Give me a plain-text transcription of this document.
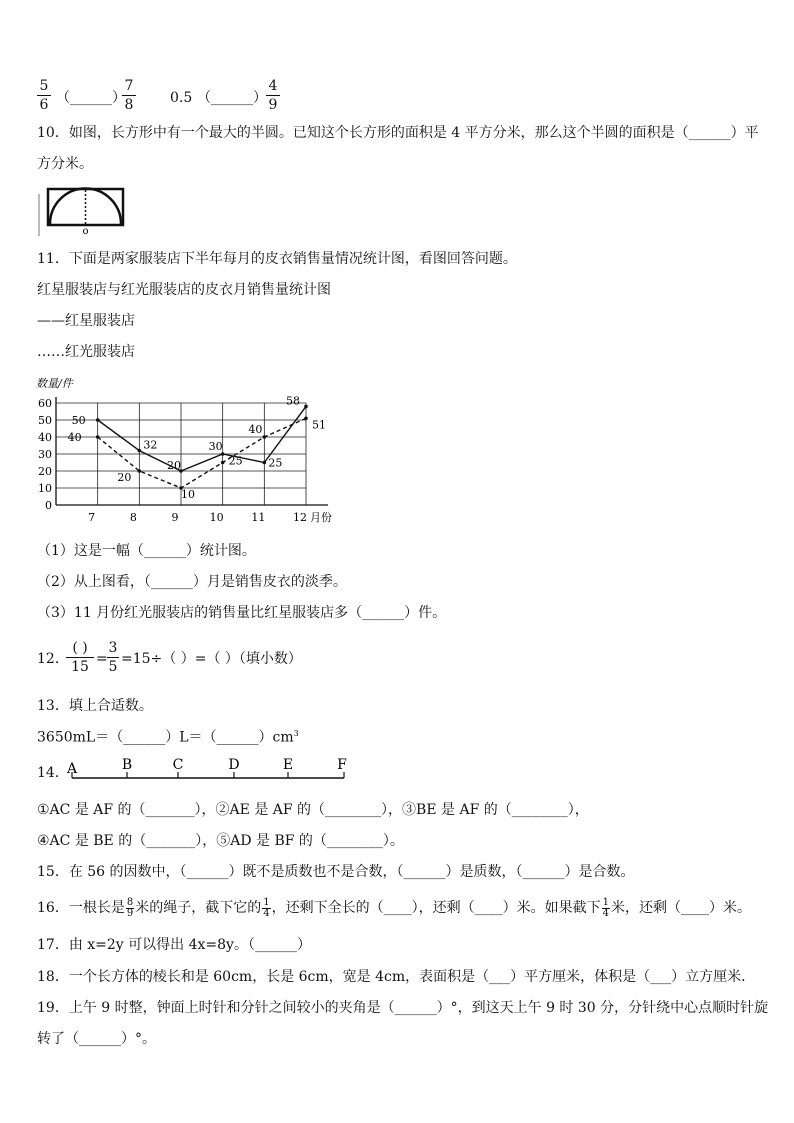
5
6 （______）
7
8	0.5 （______）
4
9
10．如图，长方形中有一个最大的半圆。已知这个长方形的面积是 4 平方分米，那么这个半圆的面积是（______）平
方分米。
o
11．下面是两家服装店下半年每月的皮衣销售量情况统计图，看图回答问题。
红星服装店与红光服装店的皮衣月销售量统计图
——红星服装店
……红光服装店
0
10
20
30
40
50
60
7	8	9	10	11	12
数量/件
月份
50
32
20
30
25
58
40
20
10
25
40	51
（1）这是一幅（______）统计图。
（2）从上图看，（______）月是销售皮衣的淡季。
（3）11 月份红光服装店的销售量比红星服装店多（______）件。
12．
( )
15 =
3
5 =15÷（ ）=（ ）（填小数）
13．填上合适数。
$3650mL=(\_\_\_\_\_\_)L=(\_\_\_\_\_\_)cm^3$
14．
A	B	C	D	E	F
①AC 是 AF 的（_______），②AE 是 AF 的（________），③BE 是 AF 的（________），
④AC 是 BE 的（_______），⑤AD 是 BF 的（________）。
15．在 56 的因数中，（______）既不是质数也不是合数，（______）是质数，（______）是合数。
16．一根长是 $\frac{8}{9}$ 米的绳子，截下它的 $\frac{1}{4}$ ，还剩下全长的（____），还剩（____）米。如果截下 $\frac{1}{4}$ 米，还剩（____）米。
17．由 x=2y 可以得出 4x=8y。（______）
18．一个长方体的棱长和是 60cm，长是 6cm，宽是 4cm，表面积是（___）平方厘米，体积是（___）立方厘米．
19．上午 9 时整，钟面上时针和分针之间较小的夹角是（______）°，到这天上午 9 时 30 分，分针绕中心点顺时针旋
转了（______）°。
